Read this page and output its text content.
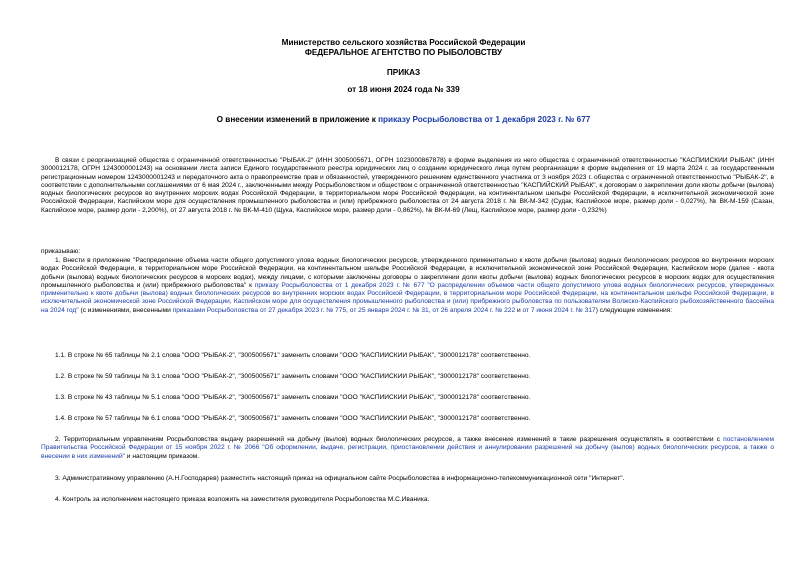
Министерство сельского хозяйства Российской Федерации
ФЕДЕРАЛЬНОЕ АГЕНТСТВО ПО РЫБОЛОВСТВУ
ПРИКАЗ
от 18 июня 2024 года № 339
О внесении изменений в приложение к приказу Росрыболовства от 1 декабря 2023 г. № 677
В связи с реорганизацией общества с ограниченной ответственностью "РЫБАК-2" (ИНН 3005005671, ОГРН 1023000867878) в форме выделения из него общества с ограниченной ответственностью "КАСПИЙСКИЙ РЫБАК" (ИНН 3000012178, ОГРН 1243000001243) на основании листа записи Единого государственного реестра юридических лиц о создании юридического лица путем реорганизации в форме выделения от 19 марта 2024 г. за государственным регистрационным номером 1243000001243 и передаточного акта о правопреемстве прав и обязанностей, утвержденного решением единственного участника от 3 ноября 2023 г. общества с ограниченной ответственностью "РЫБАК-2", в соответствии с дополнительными соглашениями от 6 мая 2024 г., заключенными между Росрыболовством и обществом с ограниченной ответственностью "КАСПИЙСКИЙ РЫБАК", к договорам о закреплении доли квоты добычи (вылова) водных биологических ресурсов во внутренних морских водах Российской Федерации, в территориальном море Российской Федерации, на континентальном шельфе Российской Федерации, в исключительной экономической зоне Российской Федерации, Каспийском море для осуществления промышленного рыболовства и (или) прибрежного рыболовства от 24 августа 2018 г. № ВК-М-342 (Судак, Каспийское море, размер доли - 0,027%), № ВК-М-159 (Сазан, Каспийское море, размер доли - 2,200%), от 27 августа 2018 г. № ВК-М-410 (Щука, Каспийское море, размер доли - 0,862%), № ВК-М-69 (Лещ, Каспийское море, размер доли - 0,232%)
приказываю:
1. Внести в приложение "Распределение объема части общего допустимого улова водных биологических ресурсов, утвержденного применительно к квоте добычи (вылова) водных биологических ресурсов во внутренних морских водах Российской Федерации, в территориальном море Российской Федерации, на континентальном шельфе Российской Федерации, в исключительной экономической зоне Российской Федерации, Каспийском море (далее - квота добычи (вылова) водных биологических ресурсов в морских водах), между лицами, с которыми заключены договоры о закреплении доли квоты добычи (вылова) водных биологических ресурсов в морских водах для осуществления промышленного рыболовства и (или) прибрежного рыболовства" к приказу Росрыболовства от 1 декабря 2023 г. № 677 "О распределении объемов части общего допустимого улова водных биологических ресурсов, утвержденных применительно к квоте добычи (вылова) водных биологических ресурсов во внутренних морских водах Российской Федерации, в территориальном море Российской Федерации, на континентальном шельфе Российской Федерации, в исключительной экономической зоне Российской Федерации, Каспийском море для осуществления промышленного рыболовства и (или) прибрежного рыболовства по пользователям Волжско-Каспийского рыбохозяйственного бассейна на 2024 год" (с изменениями, внесенными приказами Росрыболовства от 27 декабря 2023 г. № 775, от 25 января 2024 г. № 31, от 26 апреля 2024 г. № 222 и от 7 июня 2024 г. № 317) следующие изменения:
1.1. В строке № 65 таблицы № 2.1 слова "ООО "РЫБАК-2", "3005005671" заменить словами "ООО "КАСПИЙСКИЙ РЫБАК", "3000012178" соответственно.
1.2. В строке № 59 таблицы № 3.1 слова "ООО "РЫБАК-2", "3005005671" заменить словами "ООО "КАСПИЙСКИЙ РЫБАК", "3000012178" соответственно.
1.3. В строке № 43 таблицы № 5.1 слова "ООО "РЫБАК-2", "3005005671" заменить словами "ООО "КАСПИЙСКИЙ РЫБАК", "3000012178" соответственно.
1.4. В строке № 57 таблицы № 6.1 слова "ООО "РЫБАК-2", "3005005671" заменить словами "ООО "КАСПИЙСКИЙ РЫБАК", "3000012178" соответственно.
2. Территориальным управлениям Росрыболовства выдачу разрешений на добычу (вылов) водных биологических ресурсов, а также внесение изменений в такие разрешения осуществлять в соответствии с постановлением Правительства Российской Федерации от 15 ноября 2022 г. № 2066 "Об оформлении, выдаче, регистрации, приостановлении действия и аннулировании разрешений на добычу (вылов) водных биологических ресурсов, а также о внесении в них изменений" и настоящим приказом.
3. Административному управлению (А.Н.Господарев) разместить настоящий приказ на официальном сайте Росрыболовства в информационно-телекоммуникационной сети "Интернет".
4. Контроль за исполнением настоящего приказа возложить на заместителя руководителя Росрыболовства М.С.Иваника.
